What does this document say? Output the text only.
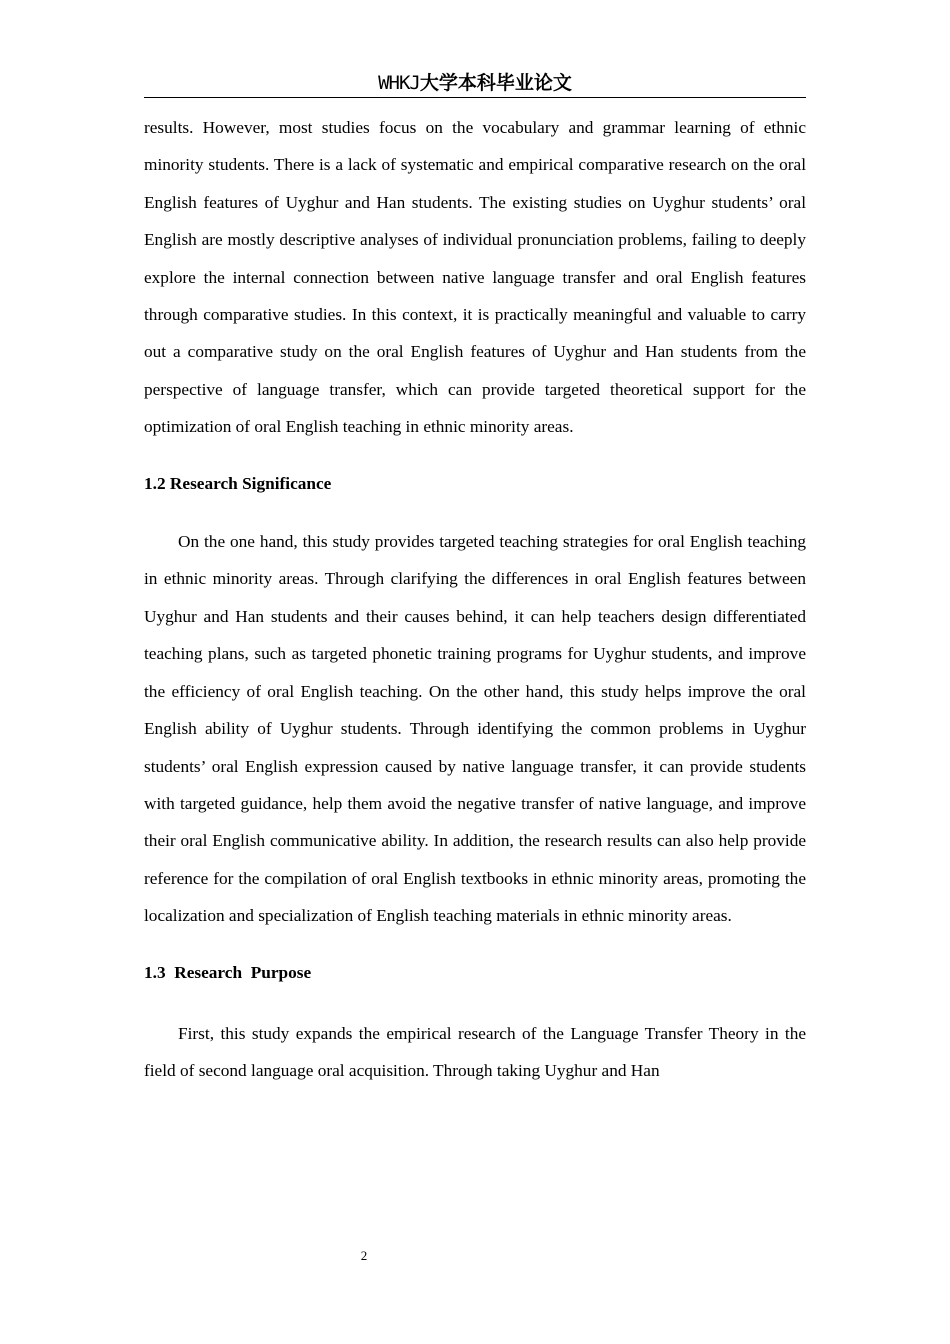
WHKJ大学本科毕业论文

results. However, most studies focus on the vocabulary and grammar learning of ethnic minority students. There is a lack of systematic and empirical comparative research on the oral English features of Uyghur and Han students. The existing studies on Uyghur students’ oral English are mostly descriptive analyses of individual pronunciation problems, failing to deeply explore the internal connection between native language transfer and oral English features through comparative studies. In this context, it is practically meaningful and valuable to carry out a comparative study on the oral English features of Uyghur and Han students from the perspective of language transfer, which can provide targeted theoretical support for the optimization of oral English teaching in ethnic minority areas.

1.2 Research Significance

On the one hand, this study provides targeted teaching strategies for oral English teaching in ethnic minority areas. Through clarifying the differences in oral English features between Uyghur and Han students and their causes behind, it can help teachers design differentiated teaching plans, such as targeted phonetic training programs for Uyghur students, and improve the efficiency of oral English teaching. On the other hand, this study helps improve the oral English ability of Uyghur students. Through identifying the common problems in Uyghur students’ oral English expression caused by native language transfer, it can provide students with targeted guidance, help them avoid the negative transfer of native language, and improve their oral English communicative ability. In addition, the research results can also help provide reference for the compilation of oral English textbooks in ethnic minority areas, promoting the localization and specialization of English teaching materials in ethnic minority areas.

1.3  Research  Purpose

First, this study expands the empirical research of the Language Transfer Theory in the field of second language oral acquisition. Through taking Uyghur and Han

2
